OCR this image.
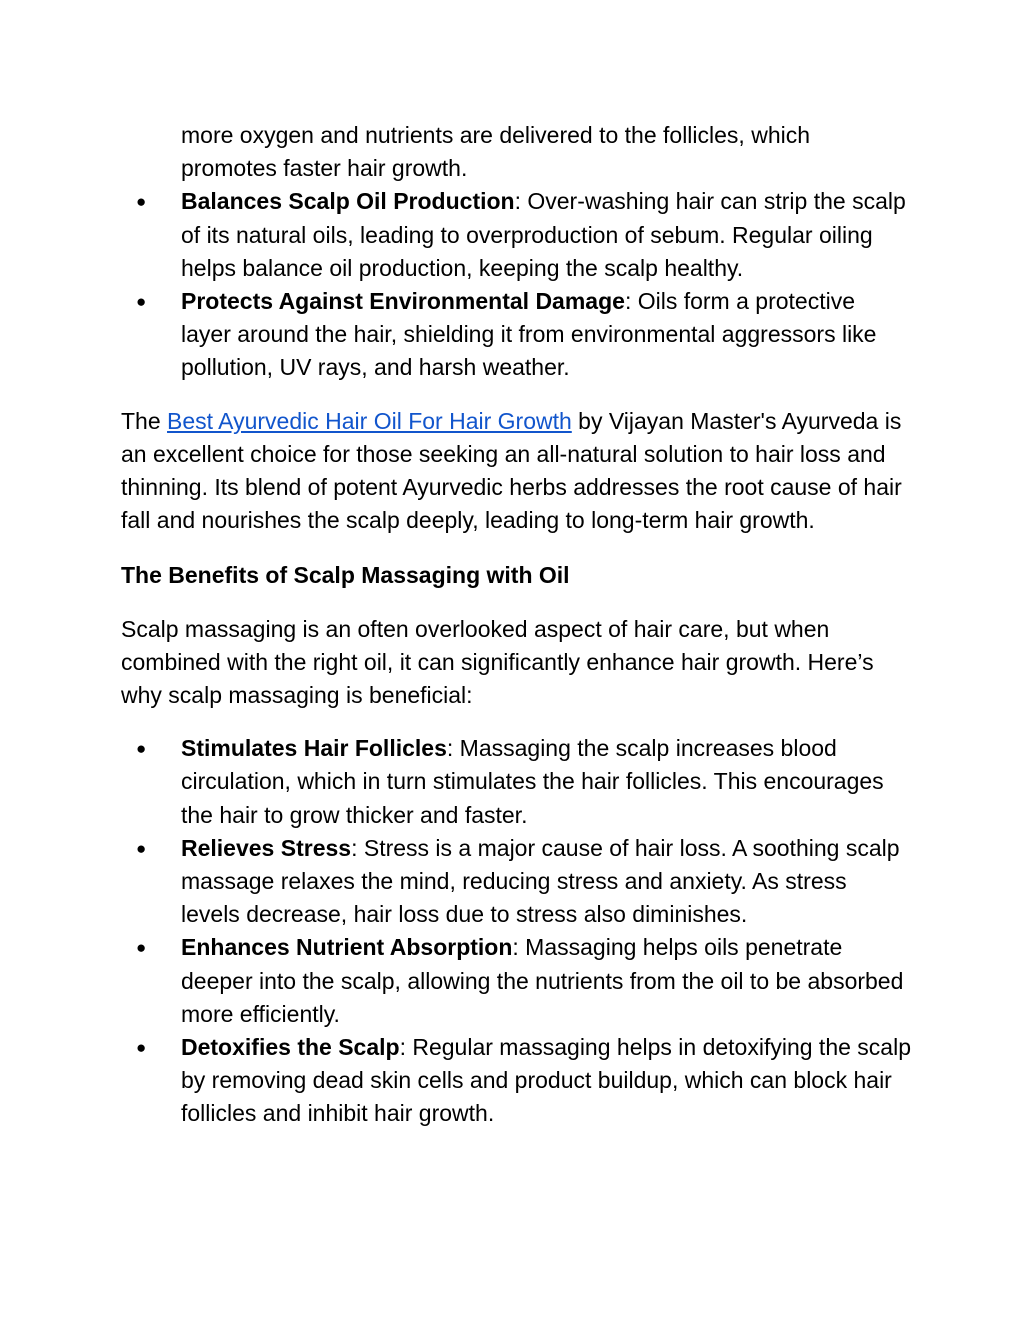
more oxygen and nutrients are delivered to the follicles, which promotes faster hair growth.

● Balances Scalp Oil Production: Over-washing hair can strip the scalp of its natural oils, leading to overproduction of sebum. Regular oiling helps balance oil production, keeping the scalp healthy.

● Protects Against Environmental Damage: Oils form a protective layer around the hair, shielding it from environmental aggressors like pollution, UV rays, and harsh weather.

The Best Ayurvedic Hair Oil For Hair Growth by Vijayan Master's Ayurveda is an excellent choice for those seeking an all-natural solution to hair loss and thinning. Its blend of potent Ayurvedic herbs addresses the root cause of hair fall and nourishes the scalp deeply, leading to long-term hair growth.

The Benefits of Scalp Massaging with Oil

Scalp massaging is an often overlooked aspect of hair care, but when combined with the right oil, it can significantly enhance hair growth. Here’s why scalp massaging is beneficial:

● Stimulates Hair Follicles: Massaging the scalp increases blood circulation, which in turn stimulates the hair follicles. This encourages the hair to grow thicker and faster.

● Relieves Stress: Stress is a major cause of hair loss. A soothing scalp massage relaxes the mind, reducing stress and anxiety. As stress levels decrease, hair loss due to stress also diminishes.

● Enhances Nutrient Absorption: Massaging helps oils penetrate deeper into the scalp, allowing the nutrients from the oil to be absorbed more efficiently.

● Detoxifies the Scalp: Regular massaging helps in detoxifying the scalp by removing dead skin cells and product buildup, which can block hair follicles and inhibit hair growth.
